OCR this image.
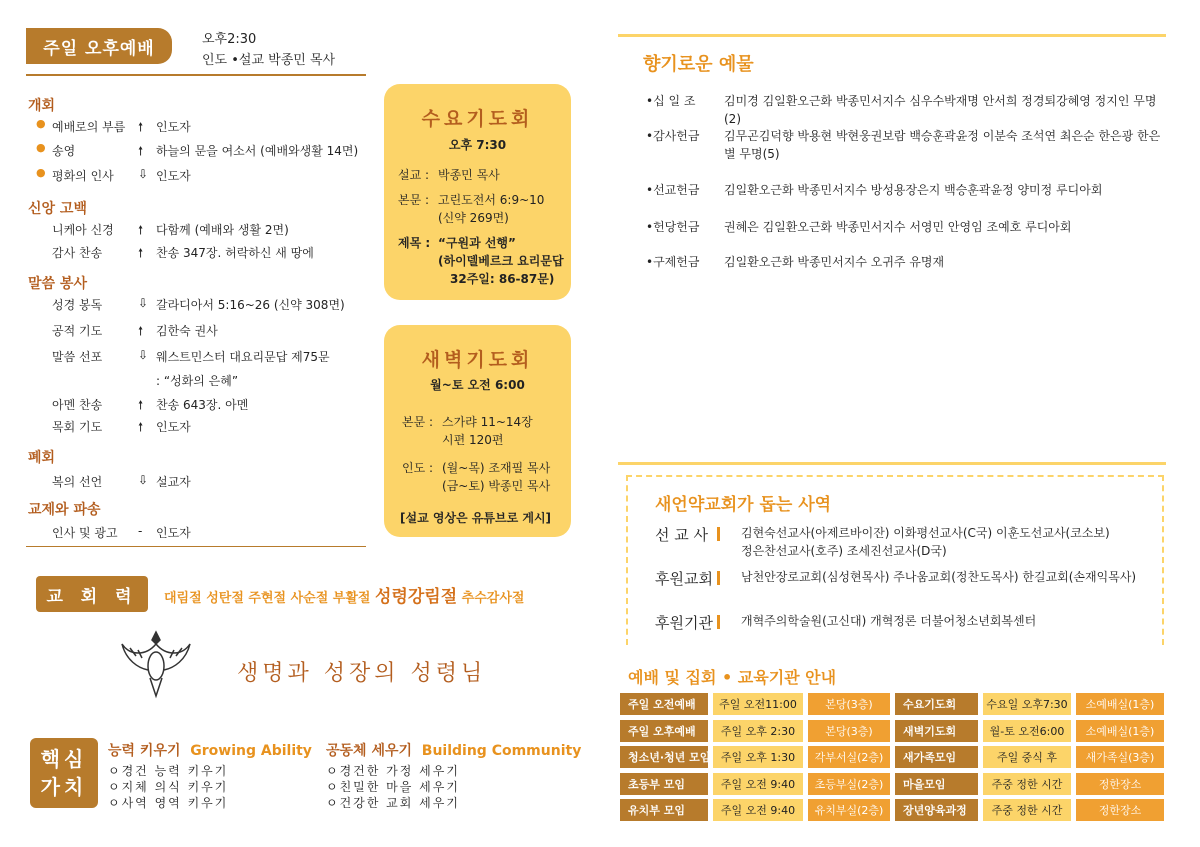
주일 오후예배	오후2:30
인도 •설교 박종민 목사
개회
● 예배로의 부름 🠕 인도자
● 송영	🠕 하늘의 문을 여소서 (예배와생활 14면)
● 평화의 인사 ⇩ 인도자
신앙 고백
니케아 신경 🠕 다함께 (예배와 생활 2면)
감사 찬송	🠕 찬송 347장. 허락하신 새 땅에
말씀 봉사
성경 봉독	⇩ 갈라디아서 5:16~26 (신약 308면)
공적 기도	🠕 김한숙 권사
말씀 선포	⇩ 웨스트민스터 대요리문답 제75문
: “성화의 은혜”
아멘 찬송	🠕 찬송 643장. 아멘
목회 기도	🠕 인도자
폐회
복의 선언	⇩ 설교자
교제와 파송
인사 및 광고 - 인도자
수요기도회
오후 7:30
설교 : 박종민 목사
본문 : 고린도전서 6:9~10
(신약 269면)
제목 : “구원과 선행”
(하이델베르크 요리문답
32주일: 86-87문)
새벽기도회
월~토 오전 6:00
본문 : 스가랴 11~14장
시편 120편
인도 : (월~목) 조재필 목사
(금~토) 박종민 목사
[설교 영상은 유튜브로 게시]
향기로운 예물
•십 일 조 김미경 김일환오근화 박종민서지수 심우수박재명 안서희 정경퇴강혜영 정지인 무명(2)
•감사헌금 김무곤김덕향 박용현 박현웅권보람 백승훈곽윤정 이분숙 조석연 최은순 한은광 한은별 무명(5)
•선교헌금 김일환오근화 박종민서지수 방성용장은지 백승훈곽윤정 양미정 루디아회
•헌당헌금 권혜은 김일환오근화 박종민서지수 서영민 안영임 조예호 루디아회
•구제헌금 김일환오근화 박종민서지수 오귀주 유명재
새언약교회가 돕는 사역
선 교 사	김현숙선교사(아제르바이잔) 이화평선교사(C국) 이훈도선교사(코소보)
정은찬선교사(호주) 조세진선교사(D국)
후원교회	남천안장로교회(심성현목사) 주나움교회(정찬도목사) 한길교회(손재익목사)
후원기관	개혁주의학술원(고신대) 개혁정론 더불어청소년회복센터
예배 및 집회 • 교육기관 안내
주일 오전예배	주일 오전11:00	본당(3층)	수요기도회	수요일 오후7:30	소예배실(1층)
주일 오후예배	주일 오후 2:30	본당(3층)	새벽기도회	월-토 오전6:00	소예배실(1층)
청소년·청년 모임 주일 오후 1:30	각부서실(2층)	새가족모임	주일 중식 후	새가족실(3층)
초등부 모임	주일 오전 9:40	초등부실(2층)	마을모임	주중 정한 시간	정한장소
유치부 모임	주일 오전 9:40	유치부실(2층)	장년양육과정	주중 정한 시간	정한장소
교 회 력	대림절 성탄절 주현절 사순절 부활절 성령강림절 추수감사절
생명과 성장의 성령님
핵심
가치
능력 키우기 Growing Ability
ㅇ경건 능력 키우기
ㅇ지체 의식 키우기
ㅇ사역 영역 키우기
공동체 세우기 Building Community
ㅇ경건한 가정 세우기
ㅇ친밀한 마을 세우기
ㅇ건강한 교회 세우기
